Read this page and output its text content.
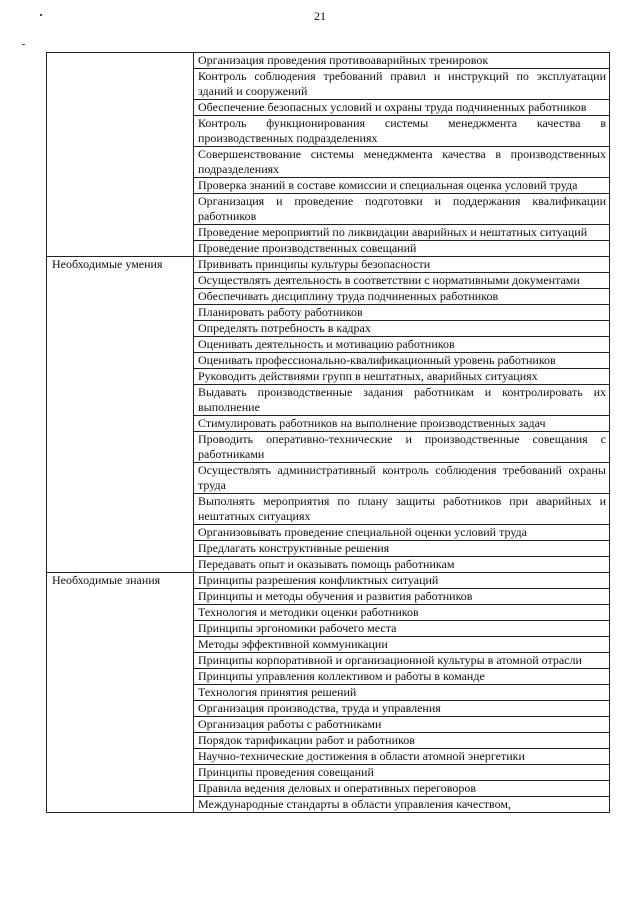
21
	Организация проведения противоаварийных тренировок
	Контроль соблюдения требований правил и инструкций по эксплуатации зданий и сооружений
	Обеспечение безопасных условий и охраны труда подчиненных работников
	Контроль функционирования системы менеджмента качества в производственных подразделениях
	Совершенствование системы менеджмента качества в производственных подразделениях
	Проверка знаний в составе комиссии и специальная оценка условий труда
	Организация и проведение подготовки и поддержания квалификации работников
	Проведение мероприятий по ликвидации аварийных и нештатных ситуаций
	Проведение производственных совещаний
Необходимые умения	Прививать принципы культуры безопасности
	Осуществлять деятельность в соответствии с нормативными документами
	Обеспечивать дисциплину труда подчиненных работников
	Планировать работу работников
	Определять потребность в кадрах
	Оценивать деятельность и мотивацию работников
	Оценивать профессионально-квалификационный уровень работников
	Руководить действиями групп в нештатных, аварийных ситуациях
	Выдавать производственные задания работникам и контролировать их выполнение
	Стимулировать работников на выполнение производственных задач
	Проводить оперативно-технические и производственные совещания с работниками
	Осуществлять административный контроль соблюдения требований охраны труда
	Выполнять мероприятия по плану защиты работников при аварийных и нештатных ситуациях
	Организовывать проведение специальной оценки условий труда
	Предлагать конструктивные решения
	Передавать опыт и оказывать помощь работникам
Необходимые знания	Принципы разрешения конфликтных ситуаций
	Принципы и методы обучения и развития работников
	Технология и методики оценки работников
	Принципы эргономики рабочего места
	Методы эффективной коммуникации
	Принципы корпоративной и организационной культуры в атомной отрасли
	Принципы управления коллективом и работы в команде
	Технология принятия решений
	Организация производства, труда и управления
	Организация работы с работниками
	Порядок тарификации работ и работников
	Научно-технические достижения в области атомной энергетики
	Принципы проведения совещаний
	Правила ведения деловых и оперативных переговоров
	Международные стандарты в области управления качеством,
